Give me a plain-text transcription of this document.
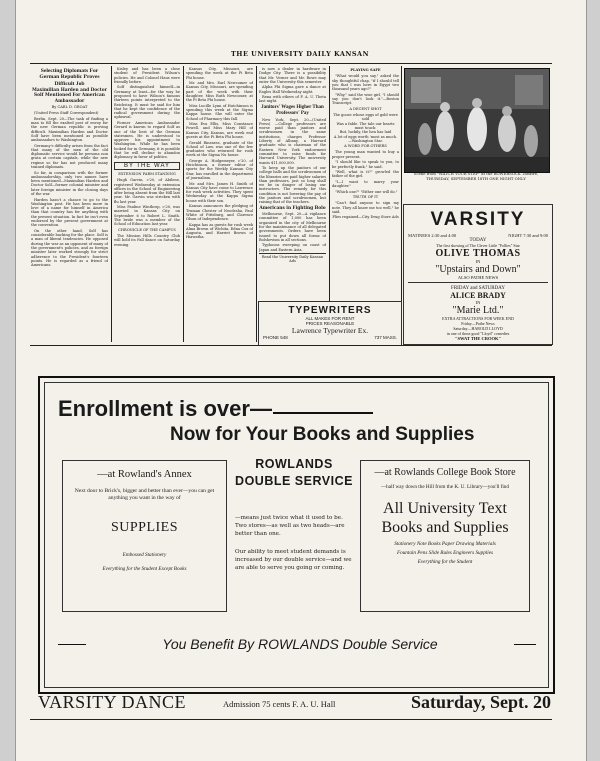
THE UNIVERSITY DAILY KANSAN
Selecting Diplomats For German Republic Proves Difficult Job
Maximilian Harden and Doctor Solf Mentioned For American Ambassador
By CARL D. GROAT

(United Press Staff Correspondent)

Berlin, Sept. 20—The task of finding a man to fill the exalted post of envoy for the new German republic is proving difficult. Maximilian Harden and Doctor Solf have been mentioned as possible ambassadors to Washington.

Germany's difficulty arises from the fact that many of the men of the old diplomatic service would be persona non grata at certain capitals, while the new regime so far has not produced many trained diplomats.

So far, in comparison with the former ambassadorship, only two names have been mentioned—Maximilian Harden and Doctor Solf—former colonial minister and later foreign minister in the closing days of the war.

Harden hasn't a chance to go to the Washington post. He has been more in love of a name for himself in America than that country has for anything with the present situation. In fact he isn't even endorsed by the present government at the convention.

On the other hand, Solf has considerable backing for the place. Solf is a man of liberal tendencies. He opposed during the war as an opponent of many of the government's policies, and as foreign minister later worked strongly for strict adherence to the President's fourteen points. He is regarded as a friend of Americans.

Kisley and has been a close student of President Wilson's policies. He and Colonel Haus were friendly before.

Solf distinguished himself—in Germany at least—for the way he proposed to have Wilson's famous thirteen points interpreted to the Reichstag. It must be said for him that he kept the confidence of the radical government during the upheaval.

Former American Ambassador Gerard is known to regard Solf as one of the best of the German statesmen. He is understood to approve his appointment to Washington. While he has been looked for in Germany, it is possible that he will decline to abandon diplomacy in favor of politics.

BY THE WAY
EXTENSION FARM STANDING

Hugh Garvin, c'20, of Abilene, registered Wednesday at extension offices in the School of Engineering after being absent from the Hill last year. Mr. Garvin was stricken with flu last year.

Miss Pauline Winthrop, c'20, was married in Kansas City on September 6 to Robert L. Smith. The bride was a member of the School of Education last year.

CHRONICLE OF THE CAMPUS

The Mission Hills Country Club will hold its Fall dance on Saturday evening.

Kansas City, Missouri, are spending the week at the Pi Beta Phi house.

Mr. and Mrs. Earl Newcomer of Kansas City, Missouri, are spending part of the week with their daughter, Miss Ruth Newcomer, at the Pi Beta Phi house.

Miss Lucille Lynn of Hutchinson is spending this week at the Sigma Kappa house. She will enter the School of Pharmacy this fall.

Miss Eva Ellis, Miss Constance Powell, and Miss Mary Hill of Kansas City, Kansas, are week end guests at the Pi Beta Phi house.

Gerald Rinsness, graduate of the School of Law, was one of the few graduates who returned for rush week at the Sigma Nu house.

George A. Hodgemeyer, c'20, of Hutchinson, a former editor of sports for the Weekly Kansan City Star, has enrolled in the department of journalism.

Mr. and Mrs. James H. Smith of Kansas City have come to Lawrence for rush week activities. They spent Wednesday at the Kappa Sigma house with their son.

Kansas announces the pledging of Truman Chester of Neodesha, Paul White of Pittsburg, and Clarence Olson of Independence.

Kappa has as guests for rush week Alma Brown of Wichita, Edna Cox of Augusta, and Harriet Brown of Hiawatha.

is now a dealer in hardware in Dodge City. There is a possibility that Mr. Verner and Mr. Rowe may enter the University this semester.

Alpha Phi Sigma gave a dance at Eagles Hall Wednesday night.

Rena with others of F. A. U. Theta last night.

Janitors' Wages Higher Than Professors' Pay

New York, Sept. 20—(United Press) —College professors are worse paid than janitors and scrubwomen in the same institutions, charges Professor Liberty of Albany, a Harvard graduate who is chairman of the Eastern New York endowment committee to raise funds for Harvard University. The university wants $11,000,000.

To keep up the janitors of our college halls and the scrubwomen of the libraries are paid higher salaries than professors, just so long shall we be in danger of losing our instructors. The remedy for this condition is not lowering the pay of the janitors and scrubwomen, but raising that of the teachers.

Americans in Fighting Bolo

Melbourne, Sept. 20—A vigilance committee of 1,000 has been organized in the city of Melbourne for the maintenance of all delegated governments. Orders have been issued to put down all forms of Bolshevism in all sections.

Typhoons sweeping on coast of Japan and Eastern Asia.

Read the University Daily Kansan Ads
PLAYING SAFE

"What would you say," asked the shy thoughtful chap, "if I should tell you that I was here in Egypt two thousand years ago?"

"Why," said the wise girl, "I should say you don't look it."—Boston Transcript.

A DECENT SHOT
The goose whose eggs of gold were sold
Was a fable. The tale our hearts must touch:
But, luckily, the hen has laid
A lot of eggs worth 'most as much.
—Washington Star.
A WORD FOR OTHERS

The young man wanted to buy a proper present.

"I should like to speak to you, to be perfectly frank," he said.

"Well, what is it?" growled the father of the girl.

"I—I want to marry your daughter."

"Which one?" "Either one will do."

TRUTH OF IT

"Can't find anyone to sign my note. They all know me too well," he said.

Flies regained—City Drug Store Ads
Scene from "WATCH YOUR STEP" at the BOWERSOCK Theatre, THURSDAY, SEPTEMBER 18TH ONE NIGHT ONLY
VARSITY
MATINEES 2:30 and 4:00	NIGHT 7:30 and 9:00
TODAY
The first showing of The Clever Little "Follies" Star
OLIVE THOMAS
IN
"Upstairs and Down"
ALSO PATHE NEWS
FRIDAY and SATURDAY
ALICE BRADY
IN
"Marie Ltd."
EXTRA ATTRACTIONS FOR WEEK END
Friday—Pathe News
Saturday—HAROLD LLOYD
in one of those good "Lloyd" comedies
"SWAT THE CROOK"
TYPEWRITERS
ALL MAKES FOR RENT
PRICES REASONABLE
Lawrence Typewriter Ex.
PHONE 548	737 MASS.
Enrollment is over—
Now for Your Books and Supplies
—at Rowland's Annex
Next door to Brick's, bigger and better than ever—you can get anything you want in the way of
SUPPLIES
Embossed Stationery
Everything for the Student Except Books
ROWLANDS DOUBLE SERVICE
—means just twice what it used to be. Two stores—as well as two heads—are better than one.
Our ability to meet student demands is increased by our double service—and we are able to serve you going or coming.
—at Rowlands College Book Store
—half way down the Hill from the K. U. Library—you'll find
All University Text Books and Supplies
Stationery Note Books Paper Drawing Materials
Fountain Pens Slide Rules Engineers Supplies
Everything for the Student
You Benefit By ROWLANDS Double Service
VARSITY DANCE	Admission 75 cents F. A. U. Hall	Saturday, Sept. 20
